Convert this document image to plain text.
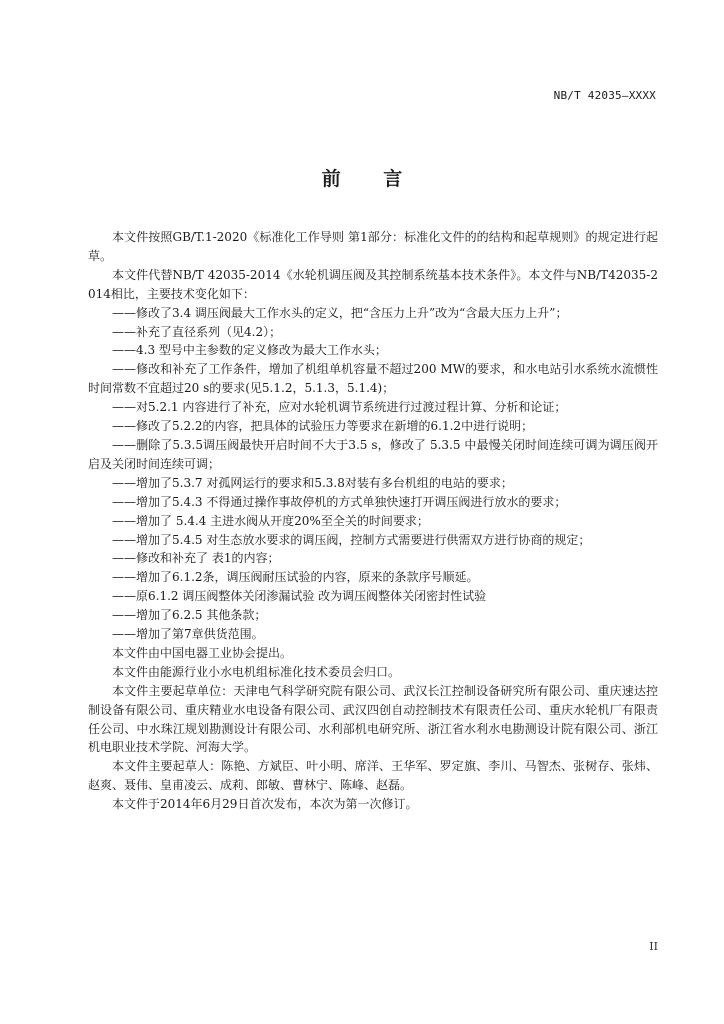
NB/T 42035—XXXX
前 言

本文件按照GB/T.1-2020《标准化工作导则 第1部分：标准化文件的的结构和起草规则》的规定进行起草。

本文件代替NB/T 42035-2014《水轮机调压阀及其控制系统基本技术条件》。本文件与NB/T42035-2014相比，主要技术变化如下：

——修改了3.4 调压阀最大工作水头的定义，把“含压力上升”改为“含最大压力上升”；

——补充了直径系列（见4.2）；

——4.3 型号中主参数的定义修改为最大工作水头；

——修改和补充了工作条件，增加了机组单机容量不超过200 MW的要求，和水电站引水系统水流惯性时间常数不宜超过20 s的要求(见5.1.2，5.1.3，5.1.4)；

——对5.2.1 内容进行了补充，应对水轮机调节系统进行过渡过程计算、分析和论证；

——修改了5.2.2的内容，把具体的试验压力等要求在新增的6.1.2中进行说明；

——删除了5.3.5调压阀最快开启时间不大于3.5 s，修改了 5.3.5 中最慢关闭时间连续可调为调压阀开启及关闭时间连续可调；

——增加了5.3.7 对孤网运行的要求和5.3.8对装有多台机组的电站的要求；

——增加了5.4.3 不得通过操作事故停机的方式单独快速打开调压阀进行放水的要求；

——增加了 5.4.4 主进水阀从开度20%至全关的时间要求；

——增加了5.4.5 对生态放水要求的调压阀，控制方式需要进行供需双方进行协商的规定；

——修改和补充了 表1的内容；

——增加了6.1.2条，调压阀耐压试验的内容，原来的条款序号顺延。

——原6.1.2 调压阀整体关闭渗漏试验 改为调压阀整体关闭密封性试验

——增加了6.2.5 其他条款；

——增加了第7章供货范围。

本文件由中国电器工业协会提出。

本文件由能源行业小水电机组标准化技术委员会归口。

本文件主要起草单位：天津电气科学研究院有限公司、武汉长江控制设备研究所有限公司、重庆速达控制设备有限公司、重庆精业水电设备有限公司、武汉四创自动控制技术有限责任公司、重庆水轮机厂有限责任公司、中水珠江规划勘测设计有限公司、水利部机电研究所、浙江省水利水电勘测设计院有限公司、浙江机电职业技术学院、河海大学。

本文件主要起草人：陈艳、方斌臣、叶小明、席洋、王华军、罗定旗、李川、马智杰、张树存、张炜、赵爽、聂伟、皇甫凌云、成莉、郎敏、曹林宁、陈峰、赵磊。

本文件于2014年6月29日首次发布，本次为第一次修订。

II
